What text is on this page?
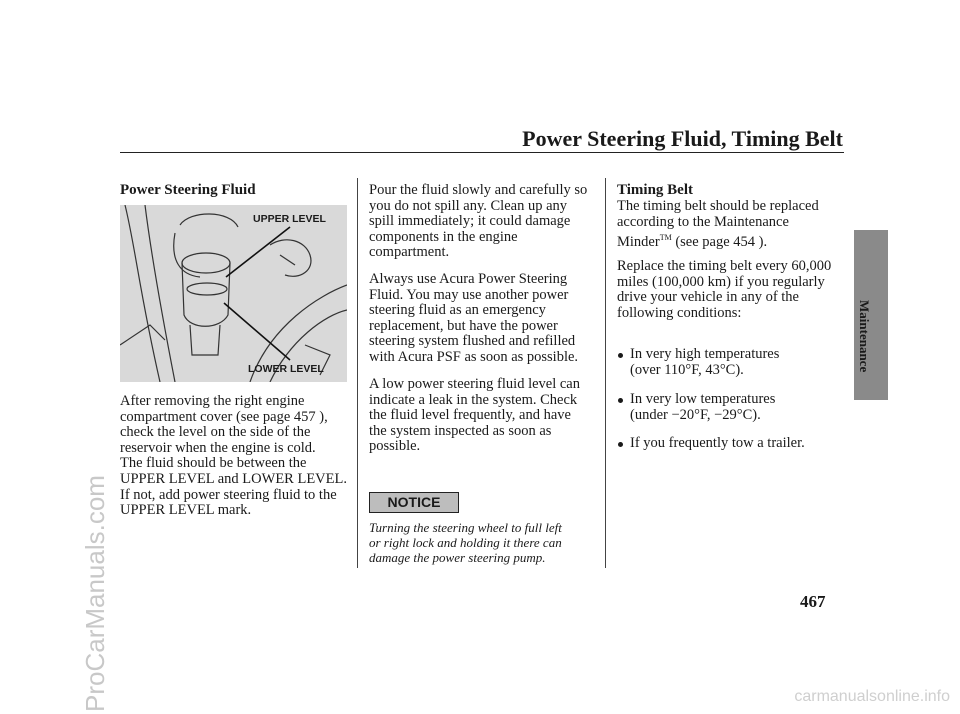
Power Steering Fluid, Timing Belt
Maintenance
Power Steering Fluid
UPPER LEVEL
LOWER LEVEL
After removing the right engine
compartment cover (see page 457 ),
check the level on the side of the
reservoir when the engine is cold.
The fluid should be between the
UPPER LEVEL and LOWER LEVEL.
If not, add power steering fluid to the
UPPER LEVEL mark.
Pour the fluid slowly and carefully so
you do not spill any. Clean up any
spill immediately; it could damage
components in the engine
compartment.
Always use Acura Power Steering
Fluid. You may use another power
steering fluid as an emergency
replacement, but have the power
steering system flushed and refilled
with Acura PSF as soon as possible.
A low power steering fluid level can
indicate a leak in the system. Check
the fluid level frequently, and have
the system inspected as soon as
possible.
NOTICE
Turning the steering wheel to full left
or right lock and holding it there can
damage the power steering pump.
Timing Belt
The timing belt should be replaced
according to the Maintenance
Minder™ (see page 454 ).
Replace the timing belt every 60,000
miles (100,000 km) if you regularly
drive your vehicle in any of the
following conditions:
In very high temperatures
(over 110°F, 43°C).
In very low temperatures
(under −20°F, −29°C).
If you frequently tow a trailer.
467
ProCarManuals.com	carmanualsonline.info
